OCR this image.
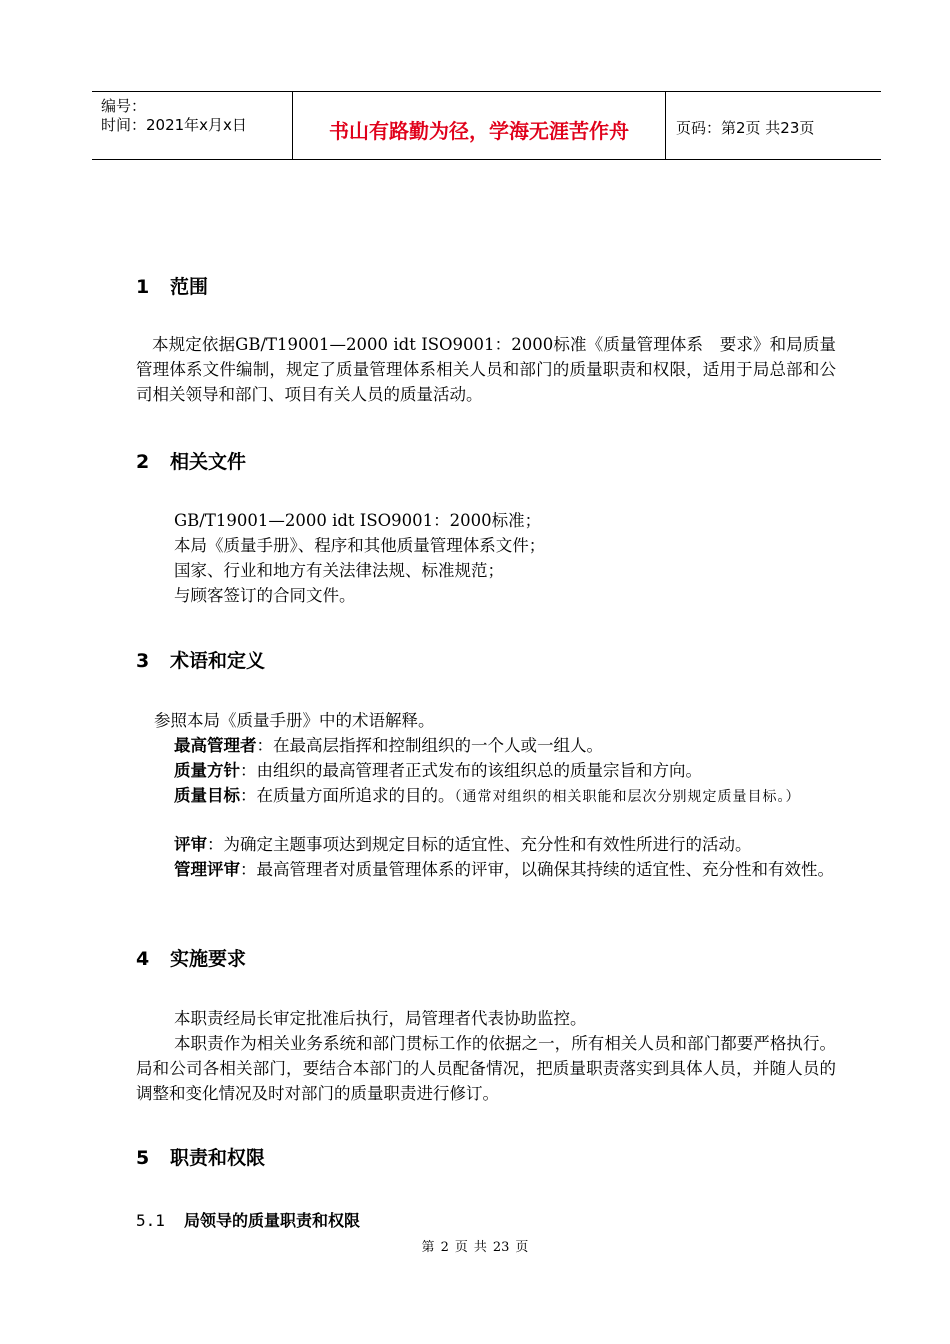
编号：
时间：2021年x月x日	书山有路勤为径，学海无涯苦作舟	页码：第2页 共23页
1 范围
本规定依据GB/T19001—2000 idt ISO9001：2000标准《质量管理体系　要求》和局质量管理体系文件编制，规定了质量管理体系相关人员和部门的质量职责和权限，适用于局总部和公司相关领导和部门、项目有关人员的质量活动。
2 相关文件
GB/T19001—2000 idt ISO9001：2000标准；
本局《质量手册》、程序和其他质量管理体系文件；
国家、行业和地方有关法律法规、标准规范；
与顾客签订的合同文件。
3 术语和定义
参照本局《质量手册》中的术语解释。
最高管理者：在最高层指挥和控制组织的一个人或一组人。
质量方针：由组织的最高管理者正式发布的该组织总的质量宗旨和方向。
质量目标：在质量方面所追求的目的。（通常对组织的相关职能和层次分别规定质量目标。）
评审：为确定主题事项达到规定目标的适宜性、充分性和有效性所进行的活动。
管理评审：最高管理者对质量管理体系的评审，以确保其持续的适宜性、充分性和有效性。
4 实施要求
本职责经局长审定批准后执行，局管理者代表协助监控。
本职责作为相关业务系统和部门贯标工作的依据之一，所有相关人员和部门都要严格执行。局和公司各相关部门，要结合本部门的人员配备情况，把质量职责落实到具体人员，并随人员的调整和变化情况及时对部门的质量职责进行修订。
5 职责和权限
5.1 局领导的质量职责和权限
第 2 页 共 23 页
